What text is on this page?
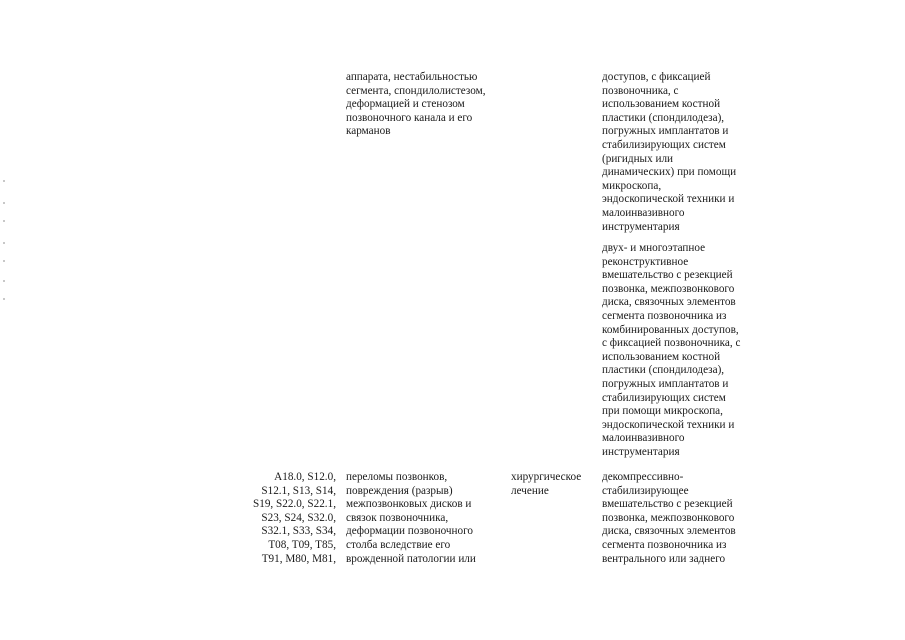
аппарата, нестабильностью
сегмента, спондилолистезом,
деформацией и стенозом
позвоночного канала и его
карманов
доступов, с фиксацией
позвоночника, с
использованием костной
пластики (спондилодеза),
погружных имплантатов и
стабилизирующих систем
(ригидных или
динамических) при помощи
микроскопа,
эндоскопической техники и
малоинвазивного
инструментария
двух- и многоэтапное
реконструктивное
вмешательство с резекцией
позвонка, межпозвонкового
диска, связочных элементов
сегмента позвоночника из
комбинированных доступов,
с фиксацией позвоночника, с
использованием костной
пластики (спондилодеза),
погружных имплантатов и
стабилизирующих систем
при помощи микроскопа,
эндоскопической техники и
малоинвазивного
инструментария
A18.0, S12.0,
S12.1, S13, S14,
S19, S22.0, S22.1,
S23, S24, S32.0,
S32.1, S33, S34,
T08, T09, T85,
T91, M80, M81,
переломы позвонков,
повреждения (разрыв)
межпозвонковых дисков и
связок позвоночника,
деформации позвоночного
столба вследствие его
врожденной патологии или
хирургическое
лечение
декомпрессивно-
стабилизирующее
вмешательство с резекцией
позвонка, межпозвонкового
диска, связочных элементов
сегмента позвоночника из
вентрального или заднего
